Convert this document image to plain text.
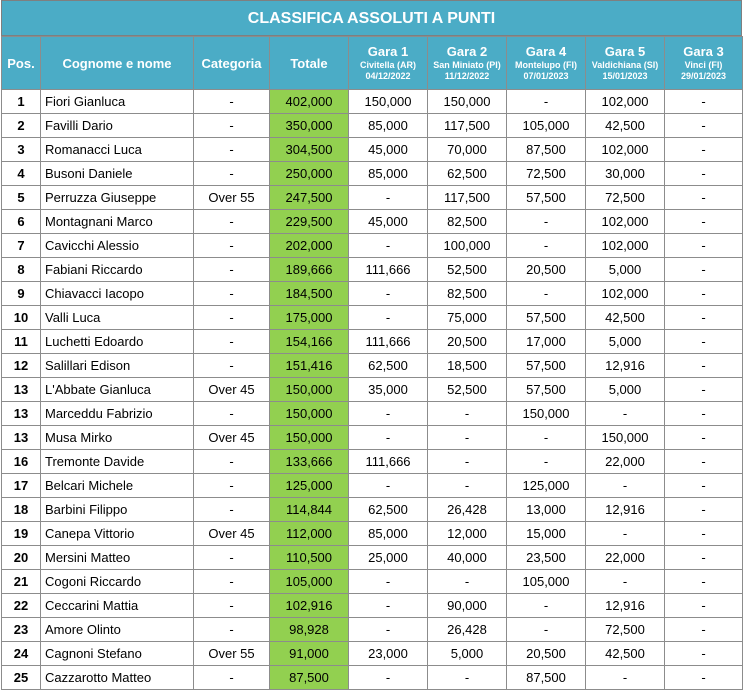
CLASSIFICA ASSOLUTI A PUNTI
Pos.	Cognome e nome	Categoria	Totale	Gara 1
Civitella (AR)
04/12/2022	Gara 2
San Miniato (PI)
11/12/2022	Gara 4
Montelupo (FI)
07/01/2023	Gara 5
Valdichiana (SI)
15/01/2023	Gara 3
Vinci (FI)
29/01/2023

1	Fiori Gianluca	-	402,000	150,000	150,000	-	102,000	-
2	Favilli Dario	-	350,000	85,000	117,500	105,000	42,500	-
3	Romanacci Luca	-	304,500	45,000	70,000	87,500	102,000	-
4	Busoni Daniele	-	250,000	85,000	62,500	72,500	30,000	-
5	Perruzza Giuseppe	Over 55	247,500	-	117,500	57,500	72,500	-
6	Montagnani Marco	-	229,500	45,000	82,500	-	102,000	-
7	Cavicchi Alessio	-	202,000	-	100,000	-	102,000	-
8	Fabiani Riccardo	-	189,666	111,666	52,500	20,500	5,000	-
9	Chiavacci Iacopo	-	184,500	-	82,500	-	102,000	-
10	Valli Luca	-	175,000	-	75,000	57,500	42,500	-
11	Luchetti Edoardo	-	154,166	111,666	20,500	17,000	5,000	-
12	Salillari Edison	-	151,416	62,500	18,500	57,500	12,916	-
13	L'Abbate Gianluca	Over 45	150,000	35,000	52,500	57,500	5,000	-
13	Marceddu Fabrizio	-	150,000	-	-	150,000	-	-
13	Musa Mirko	Over 45	150,000	-	-	-	150,000	-
16	Tremonte Davide	-	133,666	111,666	-	-	22,000	-
17	Belcari Michele	-	125,000	-	-	125,000	-	-
18	Barbini Filippo	-	114,844	62,500	26,428	13,000	12,916	-
19	Canepa Vittorio	Over 45	112,000	85,000	12,000	15,000	-	-
20	Mersini Matteo	-	110,500	25,000	40,000	23,500	22,000	-
21	Cogoni Riccardo	-	105,000	-	-	105,000	-	-
22	Ceccarini Mattia	-	102,916	-	90,000	-	12,916	-
23	Amore Olinto	-	98,928	-	26,428	-	72,500	-
24	Cagnoni Stefano	Over 55	91,000	23,000	5,000	20,500	42,500	-
25	Cazzarotto Matteo	-	87,500	-	-	87,500	-	-
